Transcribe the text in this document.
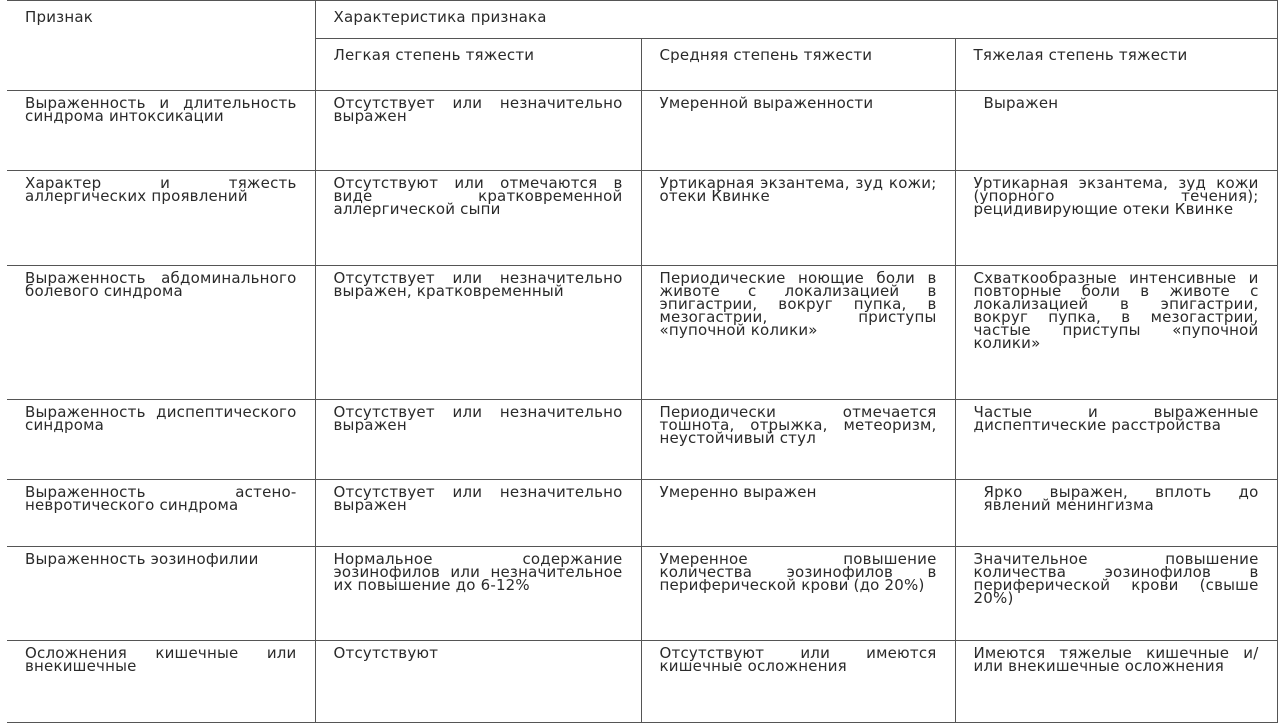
Признак	Характеристика признака		
	Легкая степень тяжести	Средняя степень тяжести	Тяжелая степень тяжести
Выраженность и длительность синдрома интоксикации	Отсутствует или незначительно выражен	Умеренной выраженности	Выражен
Характер и тяжесть аллергических проявлений	Отсутствуют или отмечаются в виде кратковременной аллергической сыпи	Уртикарная экзантема, зуд кожи; отеки Квинке	Уртикарная экзантема, зуд кожи (упорного течения); рецидивирующие отеки Квинке
Выраженность абдоминального болевого синдрома	Отсутствует или незначительно выражен, кратковременный	Периодические ноющие боли в животе с локализацией в эпигастрии, вокруг пупка, в мезогастрии, приступы «пупочной колики»	Схваткообразные интенсивные и повторные боли в животе с локализацией в эпигастрии, вокруг пупка, в мезогастрии, частые приступы «пупочной колики»
Выраженность диспептического синдрома	Отсутствует или незначительно выражен	Периодически отмечается тошнота, отрыжка, метеоризм, неустойчивый стул	Частые и выраженные диспептические расстройства
Выраженность астено-невротического синдрома	Отсутствует или незначительно выражен	Умеренно выражен	Ярко выражен, вплоть до явлений менингизма
Выраженность эозинофилии	Нормальное содержание эозинофилов или незначительное их повышение до 6-12%	Умеренное повышение количества эозинофилов в периферической крови (до 20%)	Значительное повышение количества эозинофилов в периферической крови (свыше 20%)
Осложнения кишечные или внекишечные	Отсутствуют	Отсутствуют или имеются кишечные осложнения	Имеются тяжелые кишечные и/или внекишечные осложнения
